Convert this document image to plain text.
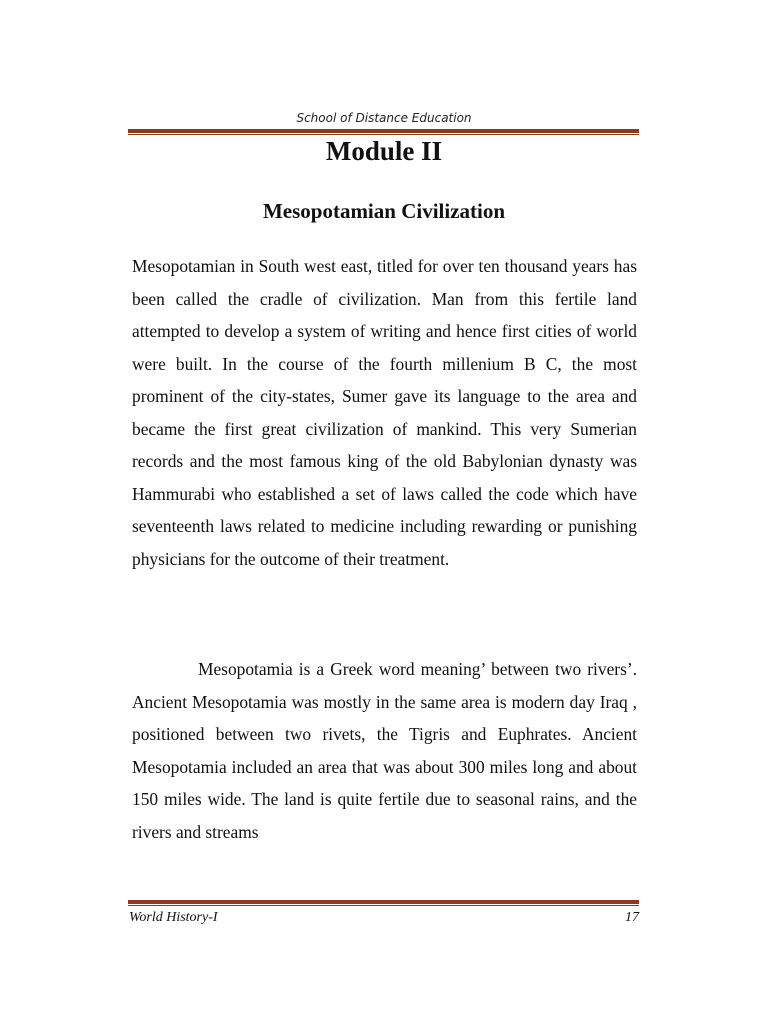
School of Distance Education
Module II
Mesopotamian Civilization

Mesopotamian in South west east, titled for over ten thousand years has been called the cradle of civilization. Man from this fertile land attempted to develop a system of writing and hence first cities of world were built. In the course of the fourth millenium B C, the most prominent of the city-states, Sumer gave its language to the area and became the first great civilization of mankind. This very Sumerian records and the most famous king of the old Babylonian dynasty was Hammurabi who established a set of laws called the code which have seventeenth laws related to medicine including rewarding or punishing physicians for the outcome of their treatment.

Mesopotamia is a Greek word meaning’ between two rivers’. Ancient Mesopotamia was mostly in the same area is modern day Iraq , positioned between two rivets, the Tigris and Euphrates. Ancient Mesopotamia included an area that was about 300 miles long and about 150 miles wide. The land is quite fertile due to seasonal rains, and the rivers and streams

World History-I	17
